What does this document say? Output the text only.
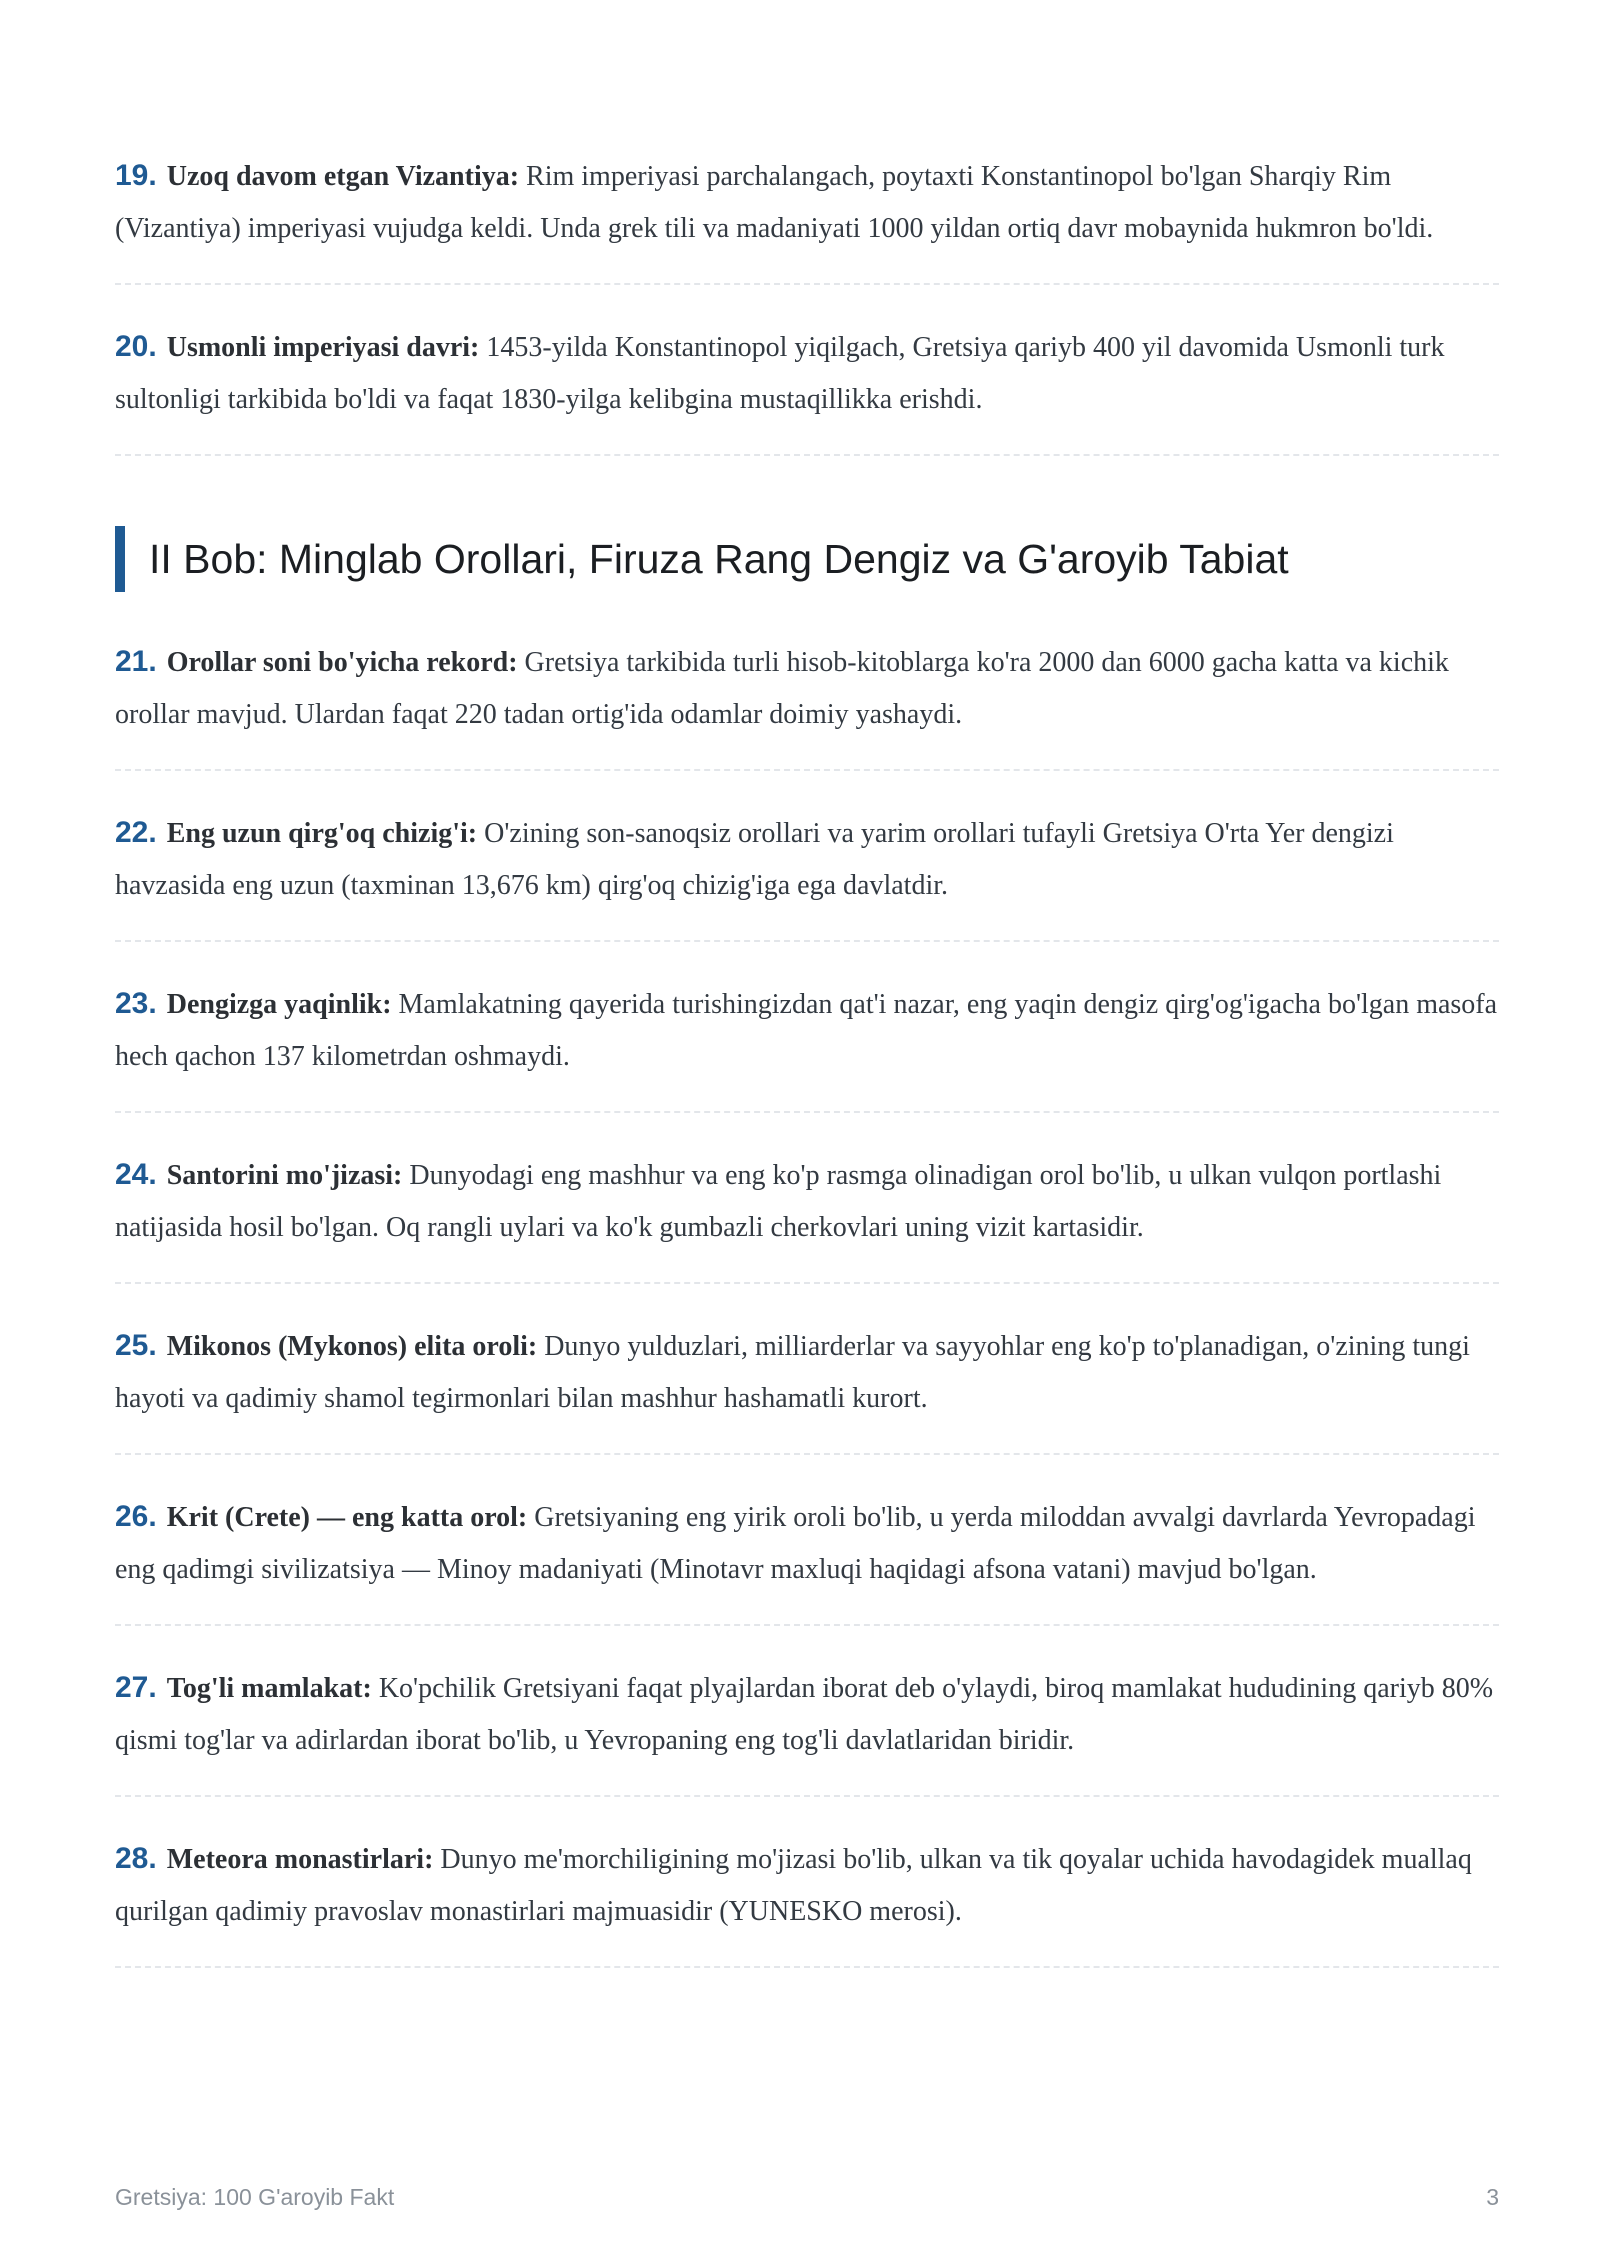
19. Uzoq davom etgan Vizantiya: Rim imperiyasi parchalangach, poytaxti Konstantinopol bo'lgan Sharqiy Rim (Vizantiya) imperiyasi vujudga keldi. Unda grek tili va madaniyati 1000 yildan ortiq davr mobaynida hukmron bo'ldi.

20. Usmonli imperiyasi davri: 1453-yilda Konstantinopol yiqilgach, Gretsiya qariyb 400 yil davomida Usmonli turk sultonligi tarkibida bo'ldi va faqat 1830-yilga kelibgina mustaqillikka erishdi.

II Bob: Minglab Orollari, Firuza Rang Dengiz va G'aroyib Tabiat

21. Orollar soni bo'yicha rekord: Gretsiya tarkibida turli hisob-kitoblarga ko'ra 2000 dan 6000 gacha katta va kichik orollar mavjud. Ulardan faqat 220 tadan ortig'ida odamlar doimiy yashaydi.

22. Eng uzun qirg'oq chizig'i: O'zining son-sanoqsiz orollari va yarim orollari tufayli Gretsiya O'rta Yer dengizi havzasida eng uzun (taxminan 13,676 km) qirg'oq chizig'iga ega davlatdir.

23. Dengizga yaqinlik: Mamlakatning qayerida turishingizdan qat'i nazar, eng yaqin dengiz qirg'og'igacha bo'lgan masofa hech qachon 137 kilometrdan oshmaydi.

24. Santorini mo'jizasi: Dunyodagi eng mashhur va eng ko'p rasmga olinadigan orol bo'lib, u ulkan vulqon portlashi natijasida hosil bo'lgan. Oq rangli uylari va ko'k gumbazli cherkovlari uning vizit kartasidir.

25. Mikonos (Mykonos) elita oroli: Dunyo yulduzlari, milliarderlar va sayyohlar eng ko'p to'planadigan, o'zining tungi hayoti va qadimiy shamol tegirmonlari bilan mashhur hashamatli kurort.

26. Krit (Crete) — eng katta orol: Gretsiyaning eng yirik oroli bo'lib, u yerda miloddan avvalgi davrlarda Yevropadagi eng qadimgi sivilizatsiya — Minoy madaniyati (Minotavr maxluqi haqidagi afsona vatani) mavjud bo'lgan.

27. Tog'li mamlakat: Ko'pchilik Gretsiyani faqat plyajlardan iborat deb o'ylaydi, biroq mamlakat hududining qariyb 80% qismi tog'lar va adirlardan iborat bo'lib, u Yevropaning eng tog'li davlatlaridan biridir.

28. Meteora monastirlari: Dunyo me'morchiligining mo'jizasi bo'lib, ulkan va tik qoyalar uchida havodagidek muallaq qurilgan qadimiy pravoslav monastirlari majmuasidir (YUNESKO merosi).

Gretsiya: 100 G'aroyib Fakt	3
